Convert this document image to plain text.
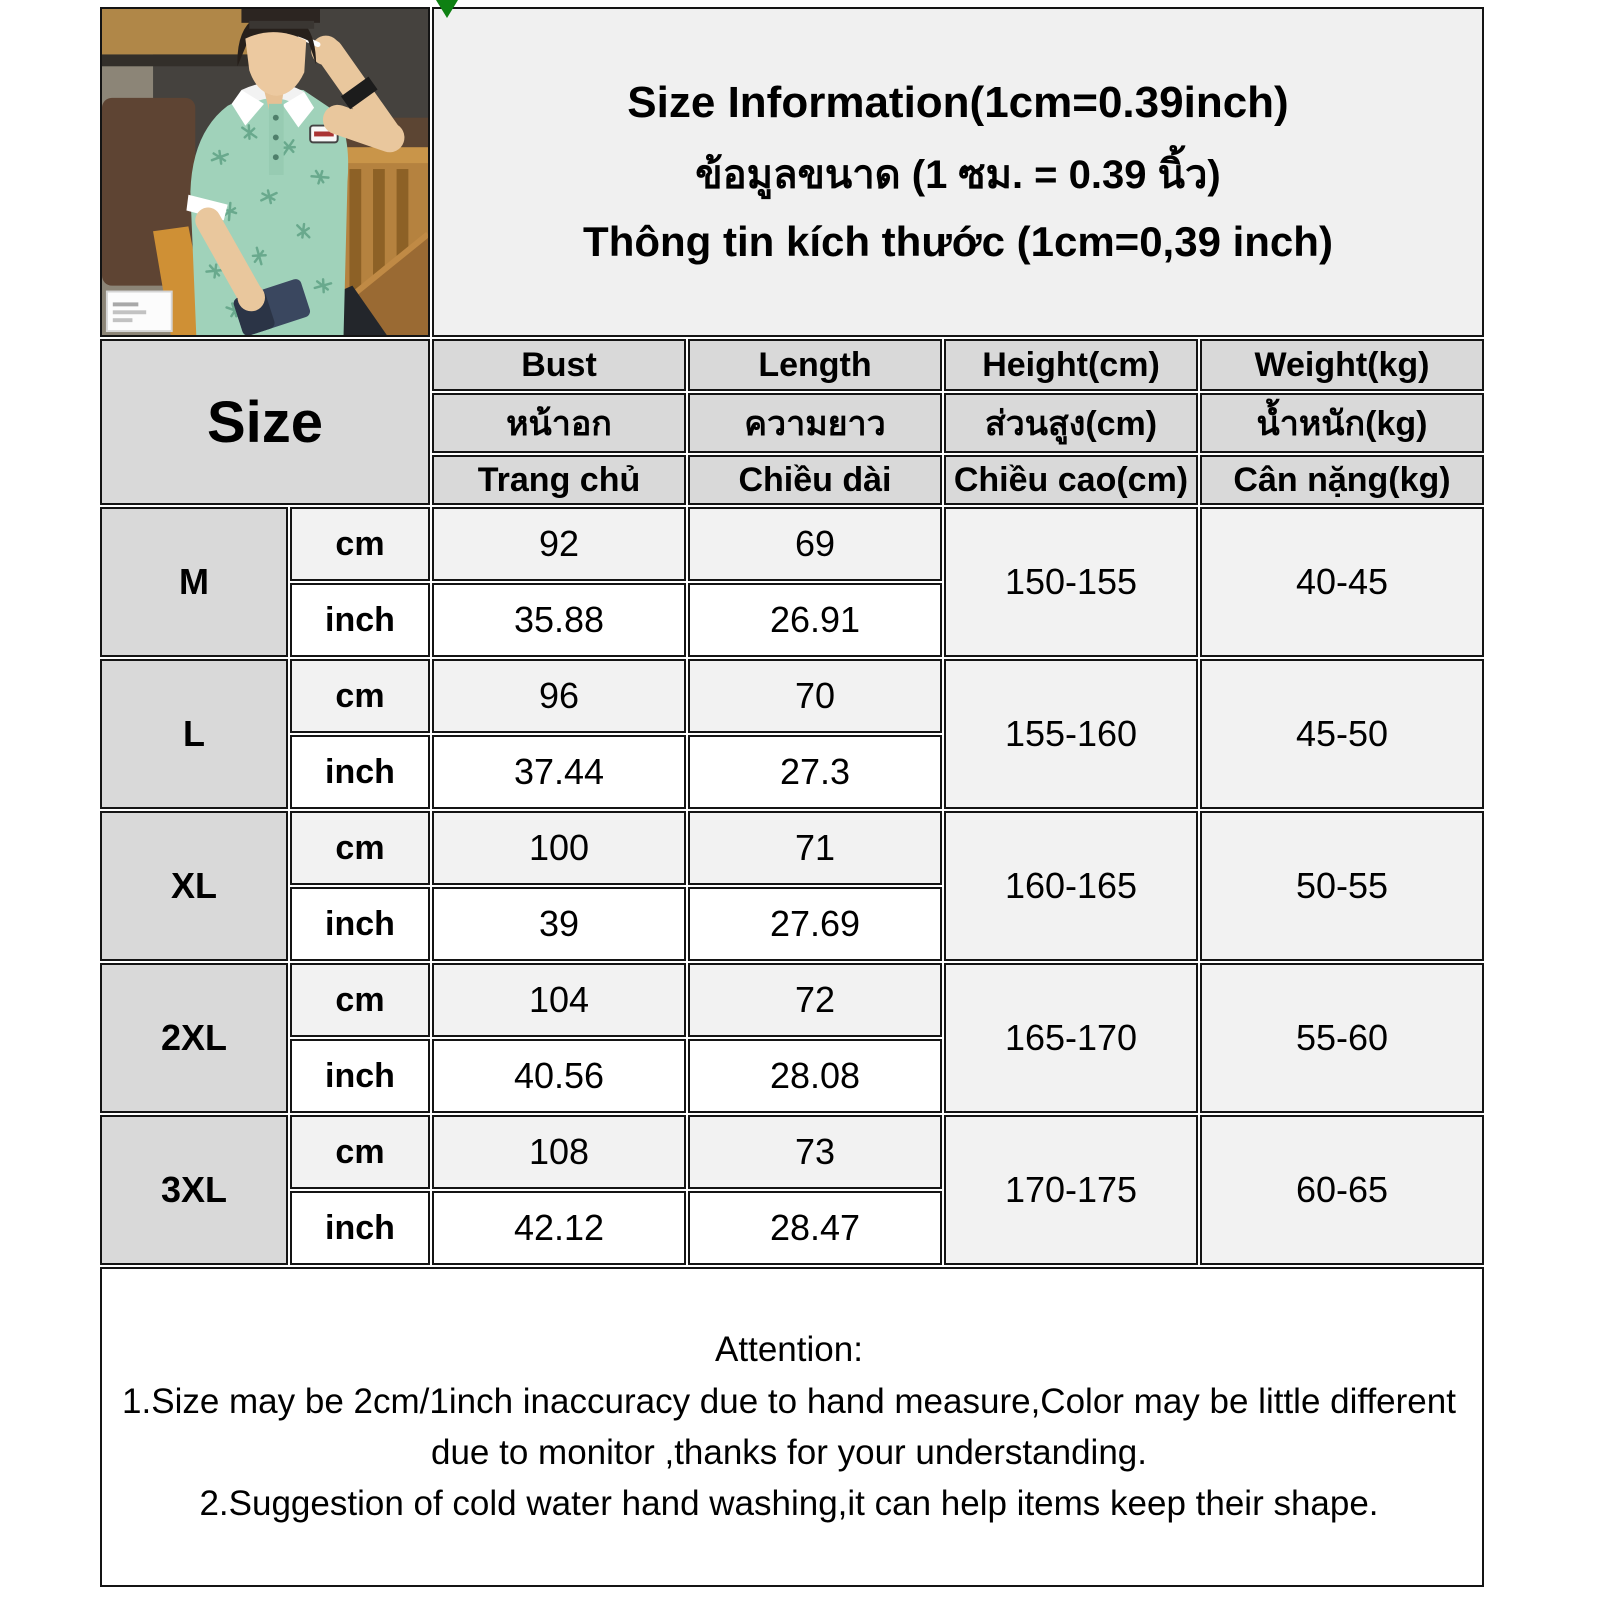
Size Information(1cm=0.39inch)
ข้อมูลขนาด (1 ซม. = 0.39 นิ้ว)
Thông tin kích thước (1cm=0,39 inch)			

Size		Bust	Length	Height(cm)	Weight(kg)
		หน้าอก	ความยาว	ส่วนสูง(cm)	น้ำหนัก(kg)
		Trang chủ	Chiều dài	Chiều cao(cm)	Cân nặng(kg)
M	cm	92	69	150-155	40-45
	inch	35.88	26.91		
L	cm	96	70	155-160	45-50
	inch	37.44	27.3		
XL	cm	100	71	160-165	50-55
	inch	39	27.69		
2XL	cm	104	72	165-170	55-60
	inch	40.56	28.08		
3XL	cm	108	73	170-175	60-65
	inch	42.12	28.47		

Attention:

1.Size may be 2cm/1inch inaccuracy due to hand measure,Color may be little different due to monitor ,thanks for your understanding.

2.Suggestion of cold water hand washing,it can help items keep their shape.					
